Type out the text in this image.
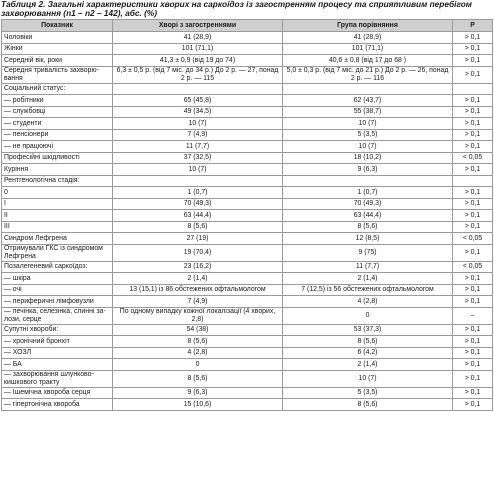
Таблиця 2. Загальні характеристики хворих на саркоїдоз із загостренням процесу та сприятливим перебігом захворювання (n1 – n2 – 142), абс. (%)
Показник	Хворі з загостреннями	Група порівняння	P
Чоловіки	41 (28,9)	41 (28,9)	> 0,1
Жінки	101 (71,1)	101 (71,1)	> 0,1
Середній вік, роки	41,3 ± 0,9 (від 19 до 74)	40,6 ± 0,8 (від 17 до 68 )	> 0,1
Середня тривалість захворю-вання	6,3 ± 0,5 р. (від 7 міс. до 34 р.) До 2 р. — 27, понад 2 р. — 115	5,0 ± 0,3 р. (від 7 міс. до 21 р.) До 2 р. — 26, понад 2 р. — 116	> 0,1
Соціальний статус:			
— робітники	65 (45,8)	62 (43,7)	> 0,1
— службовці	49 (34,5)	55 (38,7)	> 0,1
— студенти	10 (7)	10 (7)	> 0,1
— пенсіонери	7 (4,9)	5 (3,5)	> 0,1
— не працюючі	11 (7,7)	10 (7)	> 0,1
Професійні шкідливості	37 (32,5)	18 (10,2)	< 0,05
Куріння	10 (7)	9 (6,3)	> 0,1
Рентгенологічна стадія:			
0	1 (0,7)	1 (0,7)	> 0,1
I	70 (49,3)	70 (49,3)	> 0,1
II	63 (44,4)	63 (44,4)	> 0,1
III	8 (5,6)	8 (5,6)	> 0,1
Синдром Лефгрена	27 (19)	12 (8,5)	< 0,05
Отримували ГКС із синдромом Лефгрена	19 (70,4)	9 (75)	> 0,1
Позалегеневий саркоїдоз:	23 (16,2)	11 (7,7)	< 0,05
— шкіра	2 (1,4)	2 (1,4)	> 0,1
— очі	13 (15,1) із 86 обстежених офтальмологом	7 (12,5) із 56 обстежених офтальмологом	> 0,1
— периферичні лімфовузли	7 (4,9)	4 (2,8)	> 0,1
— печінка, селезінка, слинні за-лози, серце	По одному випадку кожної локалізації (4 хворих, 2,8)	0	–
Супутні хвороби:	54 (38)	53 (37,3)	> 0,1
— хронічний бронхіт	8 (5,6)	8 (5,6)	> 0,1
— ХОЗЛ	4 (2,8)	6 (4,2)	> 0,1
— БА	0	2 (1,4)	> 0,1
— захворювання шлунково-кишкового тракту	8 (5,6)	10 (7)	> 0,1
— Ішемічна хвороба серця	9 (6,3)	5 (3,5)	> 0,1
— гіпертонічна хвороба	15 (10,6)	8 (5,6)	> 0,1
